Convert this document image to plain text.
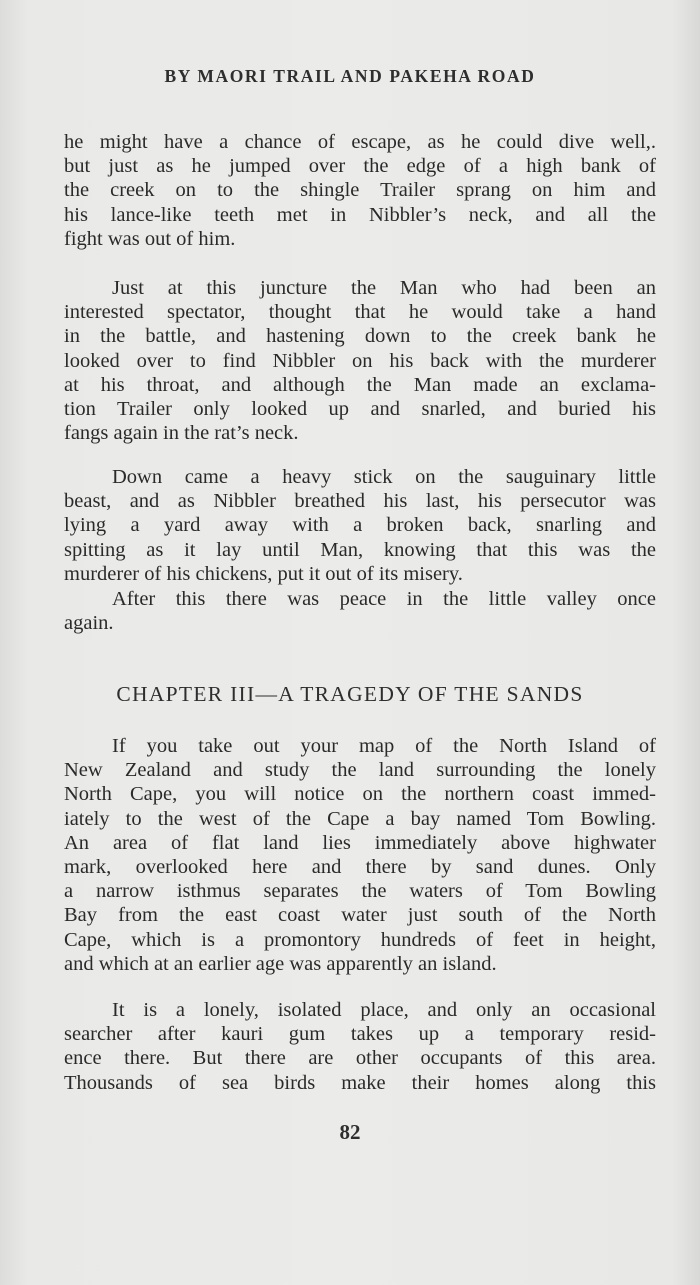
BY MAORI TRAIL AND PAKEHA ROAD
he might have a chance of escape, as he could dive well,.
but just as he jumped over the edge of a high bank of
the creek on to the shingle Trailer sprang on him and
his lance-like teeth met in Nibbler’s neck, and all the
fight was out of him.
Just at this juncture the Man who had been an
interested spectator, thought that he would take a hand
in the battle, and hastening down to the creek bank he
looked over to find Nibbler on his back with the murderer
at his throat, and although the Man made an exclama-
tion Trailer only looked up and snarled, and buried his
fangs again in the rat’s neck.
Down came a heavy stick on the sauguinary little
beast, and as Nibbler breathed his last, his persecutor was
lying a yard away with a broken back, snarling and
spitting as it lay until Man, knowing that this was the
murderer of his chickens, put it out of its misery.
After this there was peace in the little valley once
again.
CHAPTER III—A TRAGEDY OF THE SANDS
If you take out your map of the North Island of
New Zealand and study the land surrounding the lonely
North Cape, you will notice on the northern coast immed-
iately to the west of the Cape a bay named Tom Bowling.
An area of flat land lies immediately above highwater
mark, overlooked here and there by sand dunes. Only
a narrow isthmus separates the waters of Tom Bowling
Bay from the east coast water just south of the North
Cape, which is a promontory hundreds of feet in height,
and which at an earlier age was apparently an island.
It is a lonely, isolated place, and only an occasional
searcher after kauri gum takes up a temporary resid-
ence there. But there are other occupants of this area.
Thousands of sea birds make their homes along this
82
